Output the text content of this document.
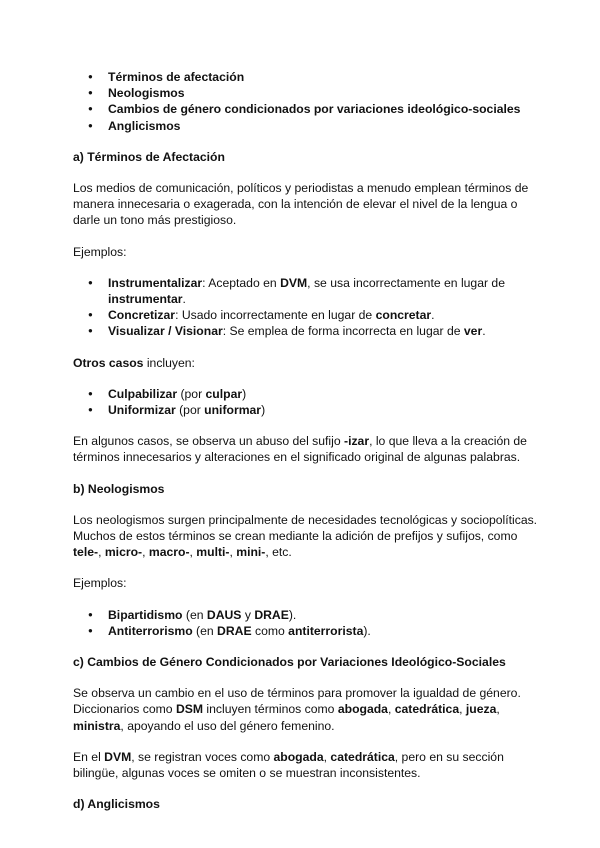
● Términos de afectación
● Neologismos
● Cambios de género condicionados por variaciones ideológico-sociales
● Anglicismos
a) Términos de Afectación

Los medios de comunicación, políticos y periodistas a menudo emplean términos de manera innecesaria o exagerada, con la intención de elevar el nivel de la lengua o darle un tono más prestigioso.

Ejemplos:

● Instrumentalizar: Aceptado en DVM, se usa incorrectamente en lugar de instrumentar.
● Concretizar: Usado incorrectamente en lugar de concretar.
● Visualizar / Visionar: Se emplea de forma incorrecta en lugar de ver.

Otros casos incluyen:

● Culpabilizar (por culpar)
● Uniformizar (por uniformar)

En algunos casos, se observa un abuso del sufijo -izar, lo que lleva a la creación de términos innecesarios y alteraciones en el significado original de algunas palabras.

b) Neologismos

Los neologismos surgen principalmente de necesidades tecnológicas y sociopolíticas. Muchos de estos términos se crean mediante la adición de prefijos y sufijos, como tele-, micro-, macro-, multi-, mini-, etc.

Ejemplos:

● Bipartidismo (en DAUS y DRAE).
● Antiterrorismo (en DRAE como antiterrorista).
c) Cambios de Género Condicionados por Variaciones Ideológico-Sociales

Se observa un cambio en el uso de términos para promover la igualdad de género. Diccionarios como DSM incluyen términos como abogada, catedrática, jueza, ministra, apoyando el uso del género femenino.

En el DVM, se registran voces como abogada, catedrática, pero en su sección bilingüe, algunas voces se omiten o se muestran inconsistentes.

d) Anglicismos
